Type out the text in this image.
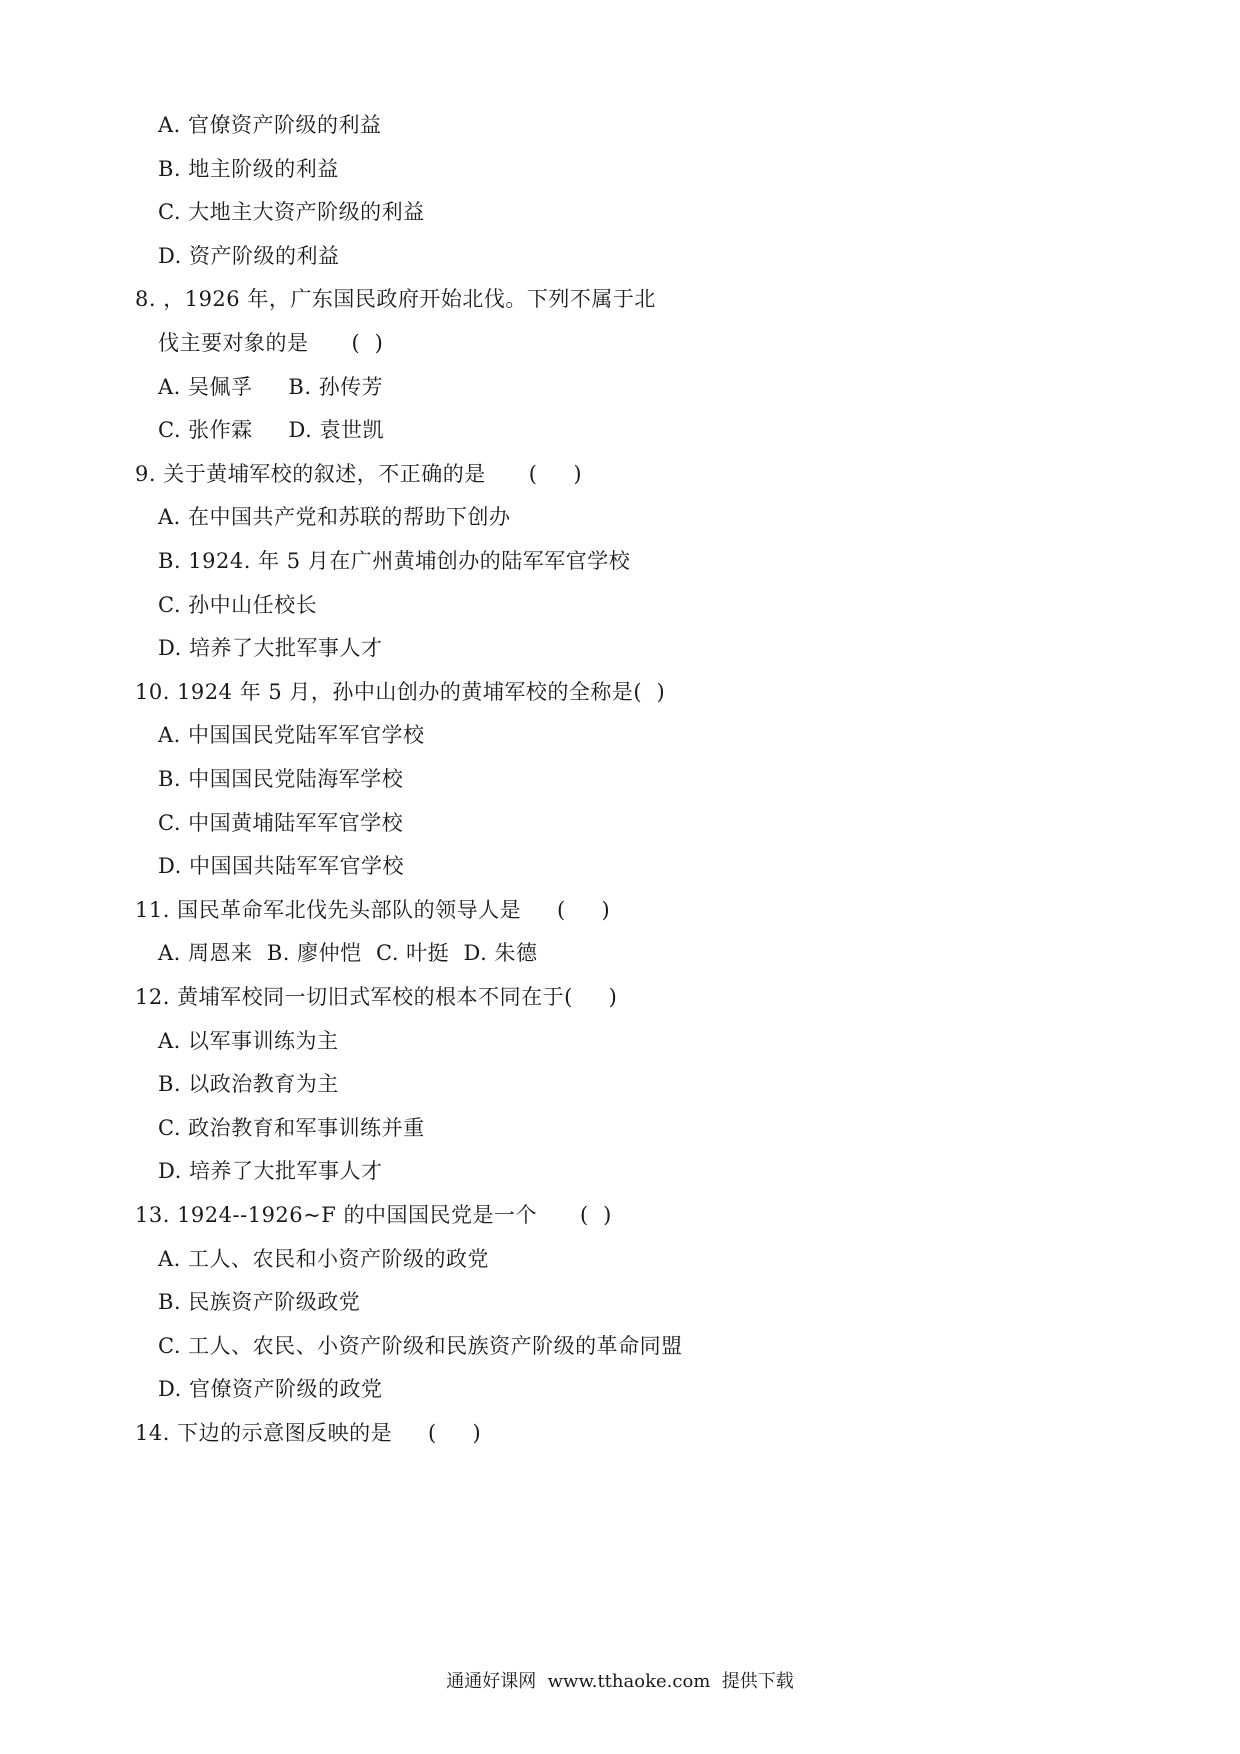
A. 官僚资产阶级的利益
B. 地主阶级的利益
C. 大地主大资产阶级的利益
D. 资产阶级的利益
8. ，1926 年，广东国民政府开始北伐。下列不属于北
伐主要对象的是      (  )
A. 吴佩孚     B. 孙传芳
C. 张作霖     D. 袁世凯
9. 关于黄埔军校的叙述，不正确的是      (     )
A. 在中国共产党和苏联的帮助下创办
B. 1924. 年 5 月在广州黄埔创办的陆军军官学校
C. 孙中山任校长
D. 培养了大批军事人才
10. 1924 年 5 月，孙中山创办的黄埔军校的全称是(  )
A. 中国国民党陆军军官学校
B. 中国国民党陆海军学校
C. 中国黄埔陆军军官学校
D. 中国国共陆军军官学校
11. 国民革命军北伐先头部队的领导人是     (     )
A. 周恩来  B. 廖仲恺  C. 叶挺  D. 朱德
12. 黄埔军校同一切旧式军校的根本不同在于(     )
A. 以军事训练为主
B. 以政治教育为主
C. 政治教育和军事训练并重
D. 培养了大批军事人才
13. 1924--1926~F 的中国国民党是一个      (  )
A. 工人、农民和小资产阶级的政党
B. 民族资产阶级政党
C. 工人、农民、小资产阶级和民族资产阶级的革命同盟
D. 官僚资产阶级的政党
14. 下边的示意图反映的是     (     )
通通好课网  www.tthaoke.com  提供下载
